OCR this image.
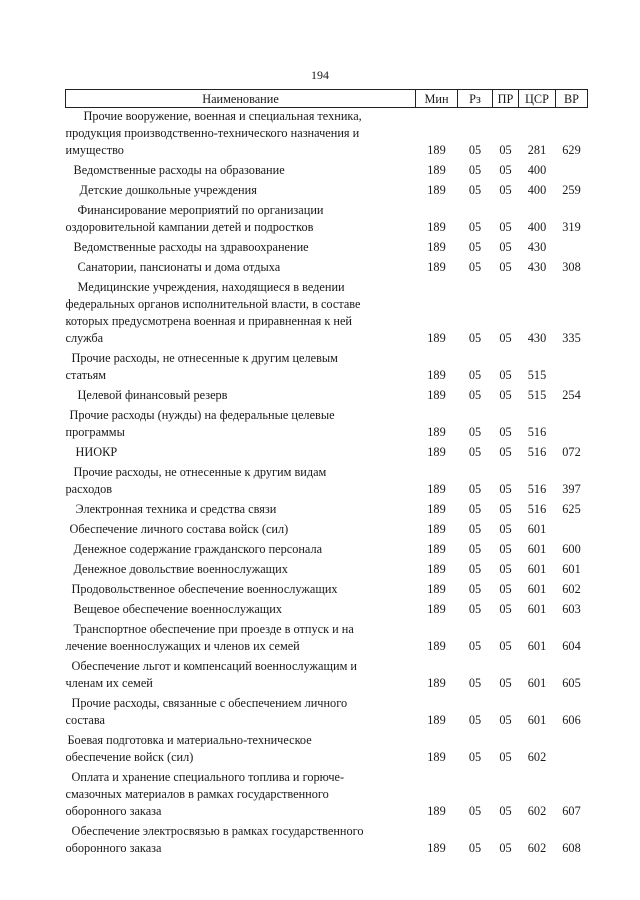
194
Наименование	Мин	Рз	ПР	ЦСР	ВР

Прочие вооружение, военная и специальная техника,
продукция производственно-технического назначения и
имущество	189	05	05	281	629

Ведомственные расходы на образование	189	05	05	400	

Детские дошкольные учреждения	189	05	05	400	259

Финансирование мероприятий по организации
оздоровительной кампании детей и подростков	189	05	05	400	319

Ведомственные расходы на здравоохранение	189	05	05	430	

Санатории, пансионаты и дома отдыха	189	05	05	430	308

Медицинские учреждения, находящиеся в ведении
федеральных органов исполнительной власти, в составе
которых предусмотрена военная и приравненная к ней
служба	189	05	05	430	335

Прочие расходы, не отнесенные к другим целевым
статьям	189	05	05	515	

Целевой финансовый резерв	189	05	05	515	254

Прочие расходы (нужды) на федеральные целевые
программы	189	05	05	516	

НИОКР	189	05	05	516	072

Прочие расходы, не отнесенные к другим видам
расходов	189	05	05	516	397

Электронная техника и средства связи	189	05	05	516	625

Обеспечение личного состава войск (сил)	189	05	05	601	

Денежное содержание гражданского персонала	189	05	05	601	600

Денежное довольствие военнослужащих	189	05	05	601	601

Продовольственное обеспечение военнослужащих	189	05	05	601	602

Вещевое обеспечение военнослужащих	189	05	05	601	603

Транспортное обеспечение при проезде в отпуск и на
лечение военнослужащих и членов их семей	189	05	05	601	604

Обеспечение льгот и компенсаций военнослужащим и
членам их семей	189	05	05	601	605

Прочие расходы, связанные с обеспечением личного
состава	189	05	05	601	606

Боевая подготовка и материально-техническое
обеспечение войск (сил)	189	05	05	602	

Оплата и хранение специального топлива и горюче-
смазочных материалов в рамках государственного
оборонного заказа	189	05	05	602	607

Обеспечение электросвязью в рамках государственного
оборонного заказа	189	05	05	602	608
